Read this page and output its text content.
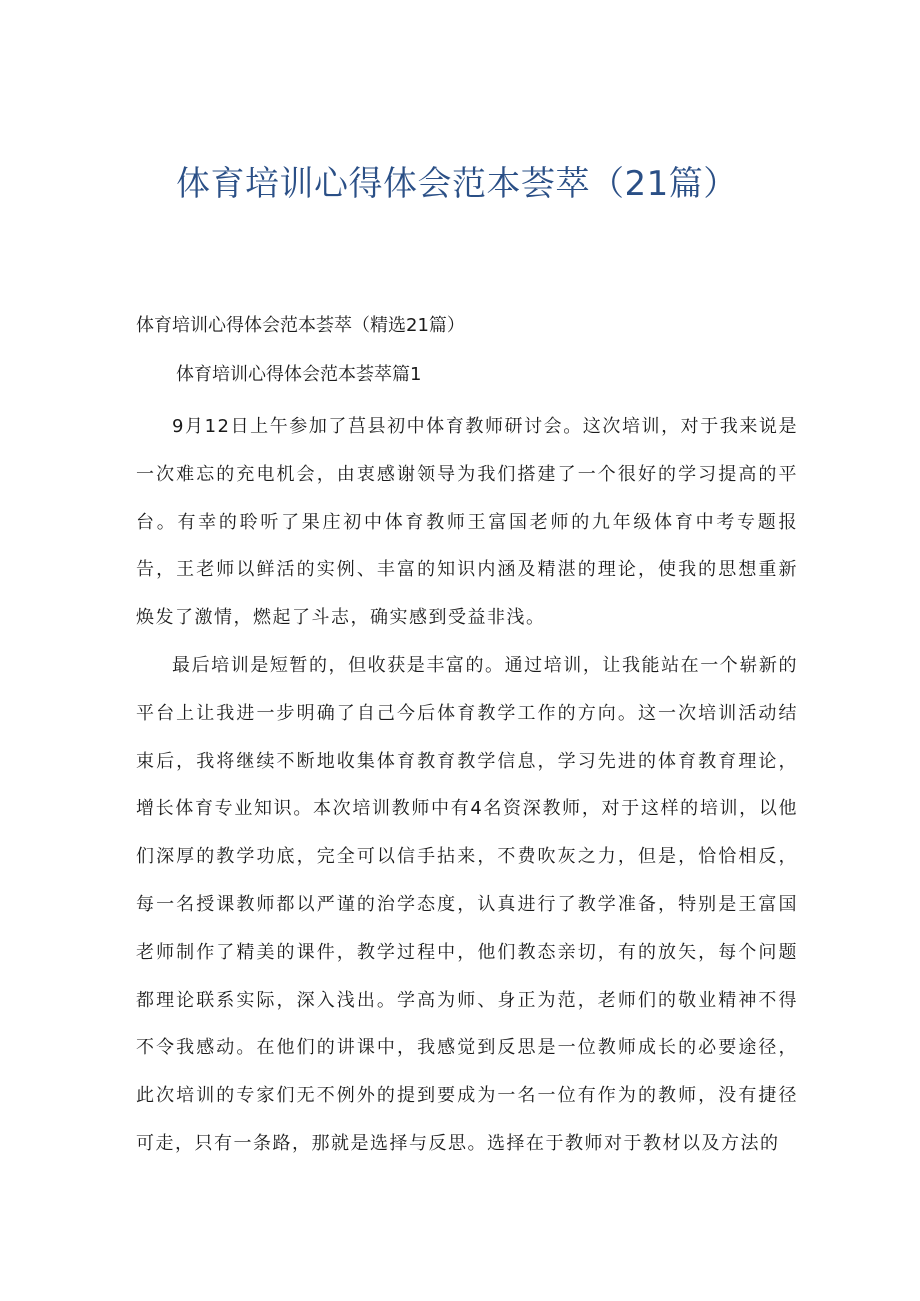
体育培训心得体会范本荟萃（21篇）

体育培训心得体会范本荟萃（精选21篇）

体育培训心得体会范本荟萃篇1

9月12日上午参加了莒县初中体育教师研讨会。这次培训，对于我来说是一次难忘的充电机会，由衷感谢领导为我们搭建了一个很好的学习提高的平台。有幸的聆听了果庄初中体育教师王富国老师的九年级体育中考专题报告，王老师以鲜活的实例、丰富的知识内涵及精湛的理论，使我的思想重新焕发了激情，燃起了斗志，确实感到受益非浅。

最后培训是短暂的，但收获是丰富的。通过培训，让我能站在一个崭新的平台上让我进一步明确了自己今后体育教学工作的方向。这一次培训活动结束后，我将继续不断地收集体育教育教学信息，学习先进的体育教育理论，增长体育专业知识。本次培训教师中有4名资深教师，对于这样的培训，以他们深厚的教学功底，完全可以信手拈来，不费吹灰之力，但是，恰恰相反，每一名授课教师都以严谨的治学态度，认真进行了教学准备，特别是王富国老师制作了精美的课件，教学过程中，他们教态亲切，有的放矢，每个问题都理论联系实际，深入浅出。学高为师、身正为范，老师们的敬业精神不得不令我感动。在他们的讲课中，我感觉到反思是一位教师成长的必要途径，此次培训的专家们无不例外的提到要成为一名一位有作为的教师，没有捷径可走，只有一条路，那就是选择与反思。选择在于教师对于教材以及方法的
